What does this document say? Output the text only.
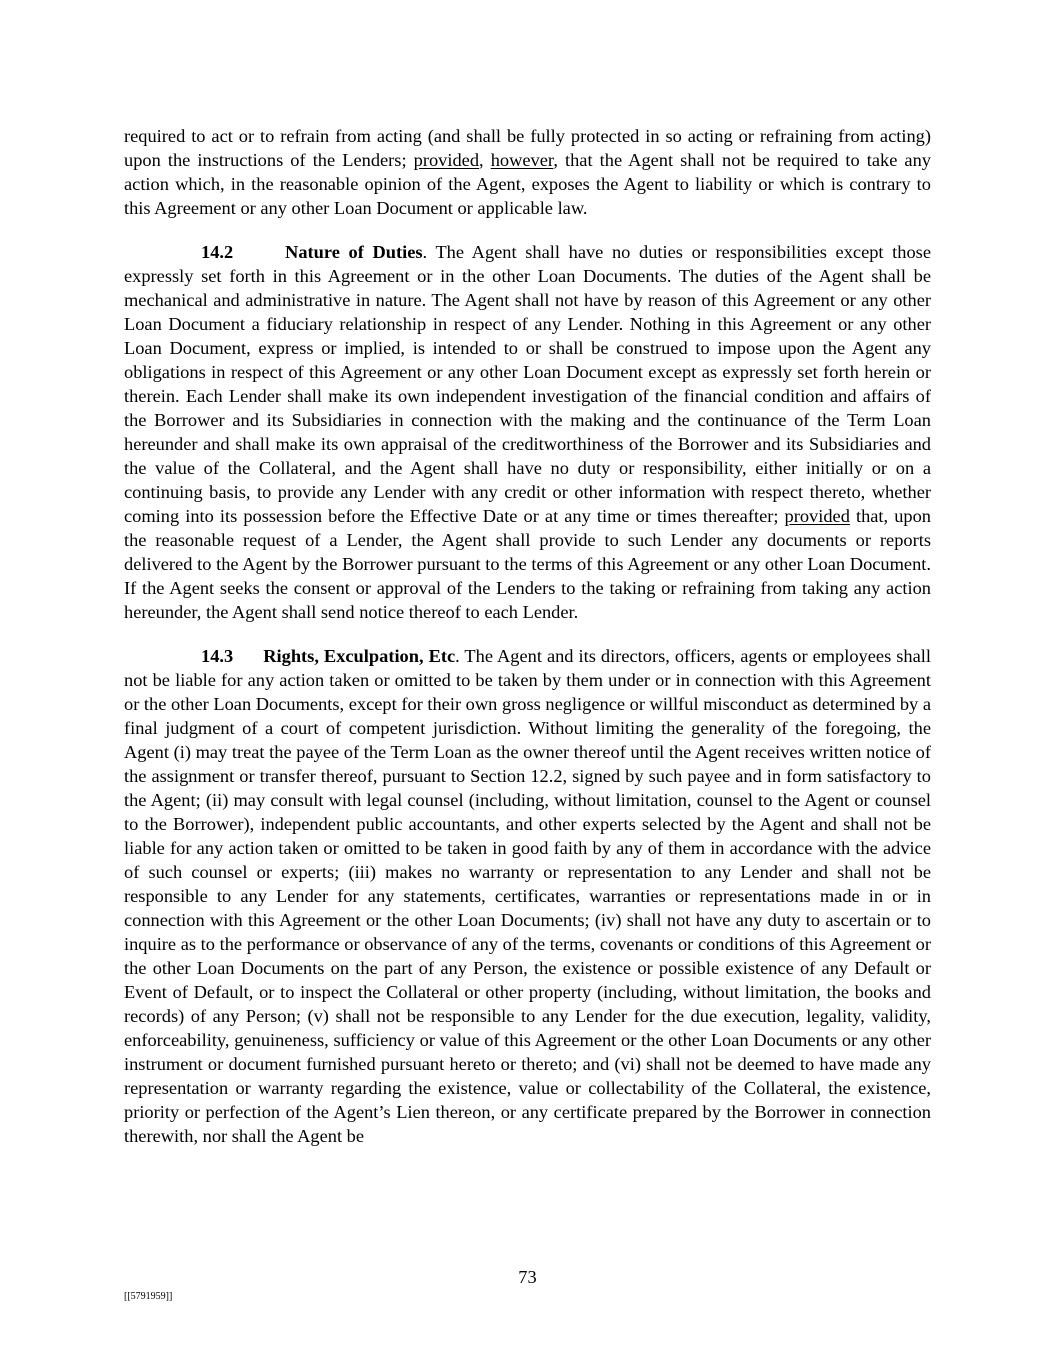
required to act or to refrain from acting (and shall be fully protected in so acting or refraining from acting) upon the instructions of the Lenders; provided, however, that the Agent shall not be required to take any action which, in the reasonable opinion of the Agent, exposes the Agent to liability or which is contrary to this Agreement or any other Loan Document or applicable law.

14.2	Nature of Duties. The Agent shall have no duties or responsibilities except those expressly set forth in this Agreement or in the other Loan Documents. The duties of the Agent shall be mechanical and administrative in nature. The Agent shall not have by reason of this Agreement or any other Loan Document a fiduciary relationship in respect of any Lender. Nothing in this Agreement or any other Loan Document, express or implied, is intended to or shall be construed to impose upon the Agent any obligations in respect of this Agreement or any other Loan Document except as expressly set forth herein or therein. Each Lender shall make its own independent investigation of the financial condition and affairs of the Borrower and its Subsidiaries in connection with the making and the continuance of the Term Loan hereunder and shall make its own appraisal of the creditworthiness of the Borrower and its Subsidiaries and the value of the Collateral, and the Agent shall have no duty or responsibility, either initially or on a continuing basis, to provide any Lender with any credit or other information with respect thereto, whether coming into its possession before the Effective Date or at any time or times thereafter; provided that, upon the reasonable request of a Lender, the Agent shall provide to such Lender any documents or reports delivered to the Agent by the Borrower pursuant to the terms of this Agreement or any other Loan Document. If the Agent seeks the consent or approval of the Lenders to the taking or refraining from taking any action hereunder, the Agent shall send notice thereof to each Lender.

14.3 Rights, Exculpation, Etc. The Agent and its directors, officers, agents or employees shall not be liable for any action taken or omitted to be taken by them under or in connection with this Agreement or the other Loan Documents, except for their own gross negligence or willful misconduct as determined by a final judgment of a court of competent jurisdiction. Without limiting the generality of the foregoing, the Agent (i) may treat the payee of the Term Loan as the owner thereof until the Agent receives written notice of the assignment or transfer thereof, pursuant to Section 12.2, signed by such payee and in form satisfactory to the Agent; (ii) may consult with legal counsel (including, without limitation, counsel to the Agent or counsel to the Borrower), independent public accountants, and other experts selected by the Agent and shall not be liable for any action taken or omitted to be taken in good faith by any of them in accordance with the advice of such counsel or experts; (iii) makes no warranty or representation to any Lender and shall not be responsible to any Lender for any statements, certificates, warranties or representations made in or in connection with this Agreement or the other Loan Documents; (iv) shall not have any duty to ascertain or to inquire as to the performance or observance of any of the terms, covenants or conditions of this Agreement or the other Loan Documents on the part of any Person, the existence or possible existence of any Default or Event of Default, or to inspect the Collateral or other property (including, without limitation, the books and records) of any Person; (v) shall not be responsible to any Lender for the due execution, legality, validity, enforceability, genuineness, sufficiency or value of this Agreement or the other Loan Documents or any other instrument or document furnished pursuant hereto or thereto; and (vi) shall not be deemed to have made any representation or warranty regarding the existence, value or collectability of the Collateral, the existence, priority or perfection of the Agent’s Lien thereon, or any certificate prepared by the Borrower in connection therewith, nor shall the Agent be

73
[[5791959]]
